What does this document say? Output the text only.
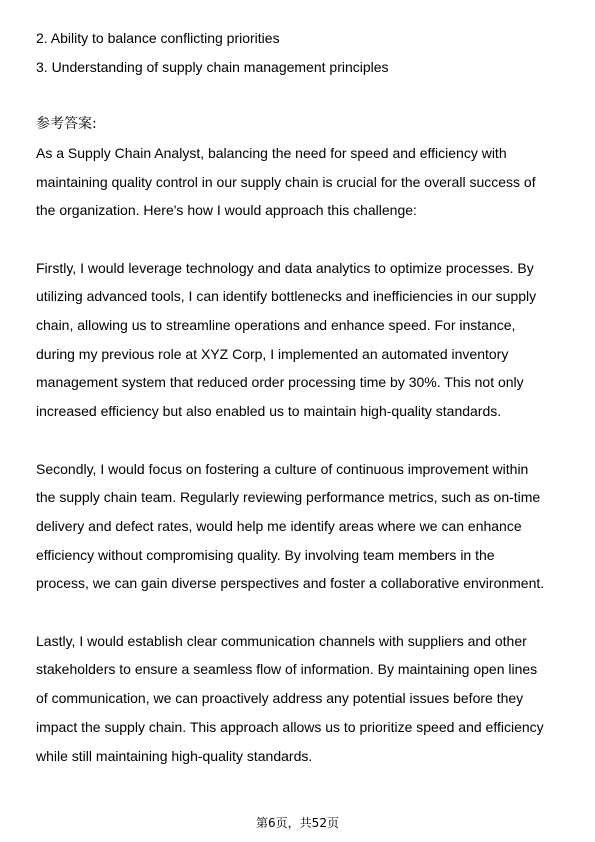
2. Ability to balance conflicting priorities
3. Understanding of supply chain management principles
参考答案:
As a Supply Chain Analyst, balancing the need for speed and efficiency with
maintaining quality control in our supply chain is crucial for the overall success of
the organization. Here's how I would approach this challenge:
Firstly, I would leverage technology and data analytics to optimize processes. By
utilizing advanced tools, I can identify bottlenecks and inefficiencies in our supply
chain, allowing us to streamline operations and enhance speed. For instance,
during my previous role at XYZ Corp, I implemented an automated inventory
management system that reduced order processing time by 30%. This not only
increased efficiency but also enabled us to maintain high-quality standards.
Secondly, I would focus on fostering a culture of continuous improvement within
the supply chain team. Regularly reviewing performance metrics, such as on-time
delivery and defect rates, would help me identify areas where we can enhance
efficiency without compromising quality. By involving team members in the
process, we can gain diverse perspectives and foster a collaborative environment.
Lastly, I would establish clear communication channels with suppliers and other
stakeholders to ensure a seamless flow of information. By maintaining open lines
of communication, we can proactively address any potential issues before they
impact the supply chain. This approach allows us to prioritize speed and efficiency
while still maintaining high-quality standards.
第6页，共52页
